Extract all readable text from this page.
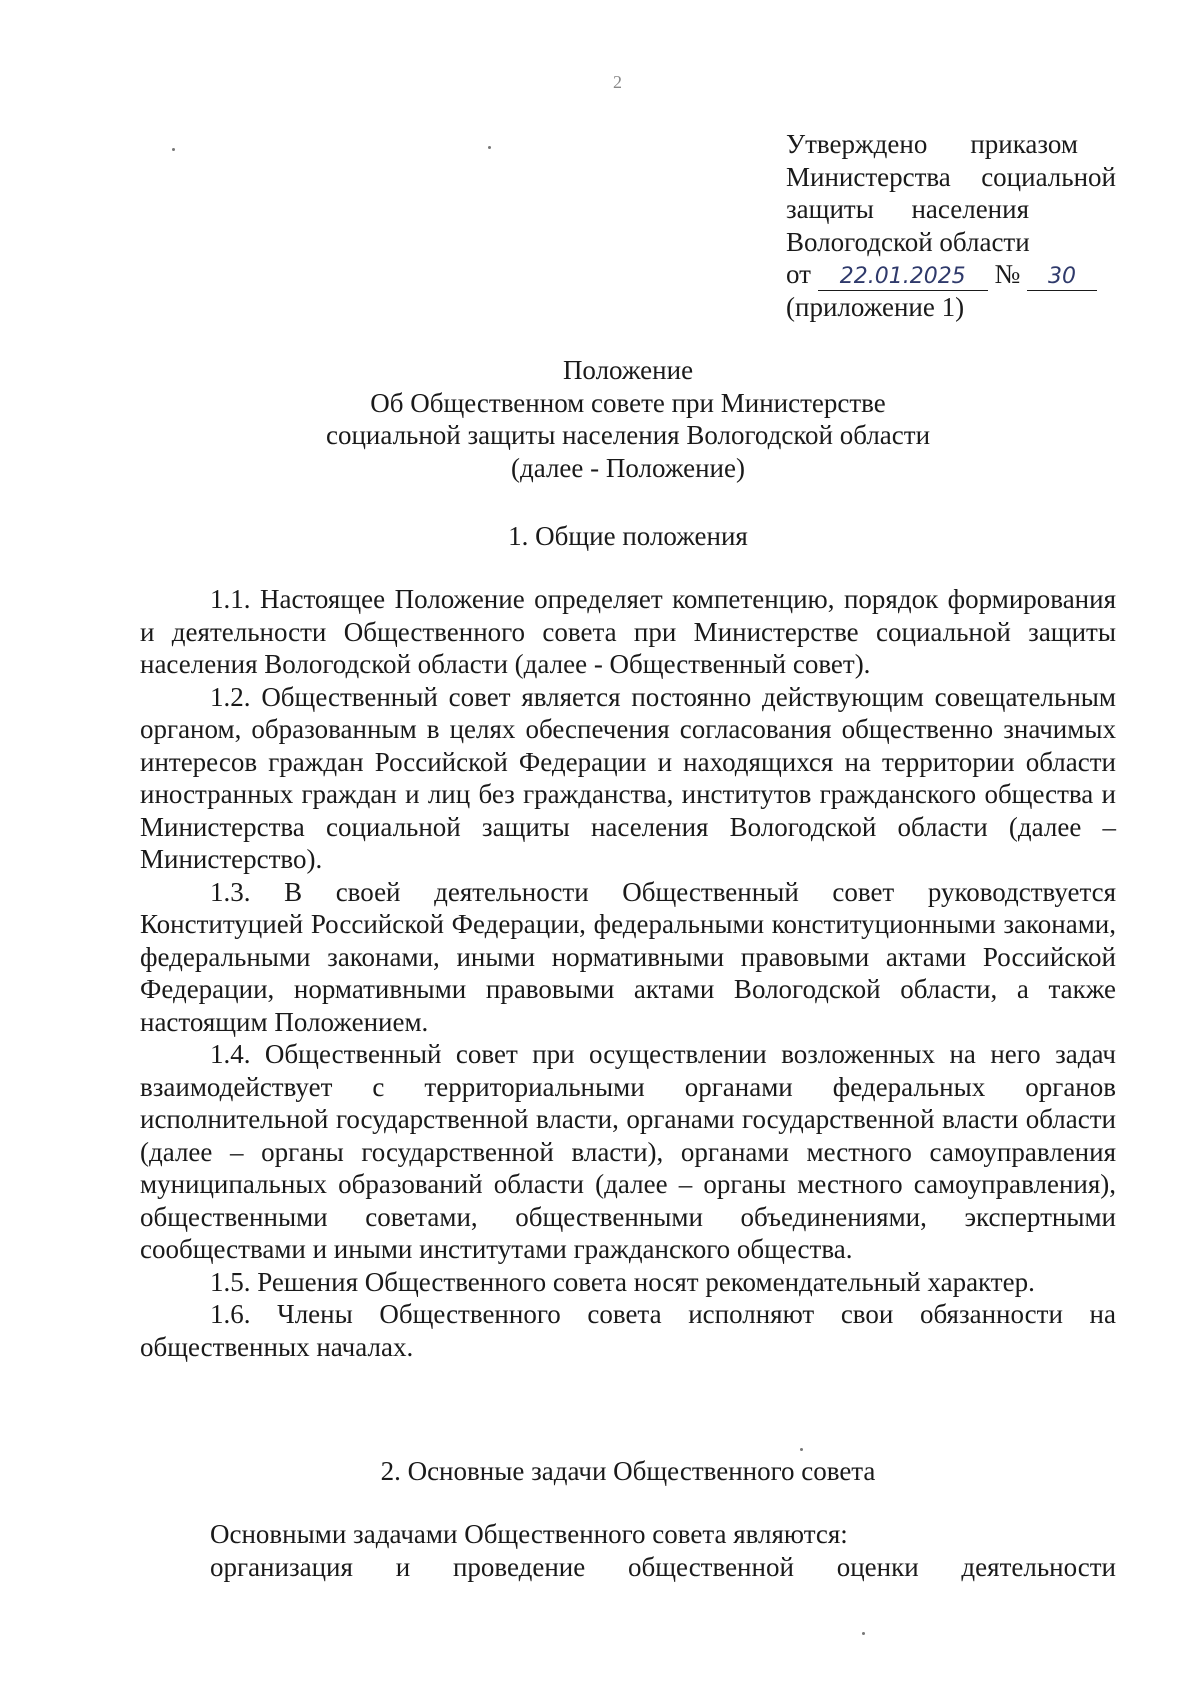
2
Утверждено приказом
Министерства социальной
защиты населения
Вологодской области
от 22.01.2025 № 30
(приложение 1)
Положение
Об Общественном совете при Министерстве
социальной защиты населения Вологодской области
(далее - Положение)
1. Общие положения

1.1. Настоящее Положение определяет компетенцию, порядок формирования и деятельности Общественного совета при Министерстве социальной защиты населения Вологодской области (далее - Общественный совет).

1.2. Общественный совет является постоянно действующим совещательным органом, образованным в целях обеспечения согласования общественно значимых интересов граждан Российской Федерации и находящихся на территории области иностранных граждан и лиц без гражданства, институтов гражданского общества и Министерства социальной защиты населения Вологодской области (далее – Министерство).

1.3. В своей деятельности Общественный совет руководствуется Конституцией Российской Федерации, федеральными конституционными законами, федеральными законами, иными нормативными правовыми актами Российской Федерации, нормативными правовыми актами Вологодской области, а также настоящим Положением.

1.4. Общественный совет при осуществлении возложенных на него задач взаимодействует с территориальными органами федеральных органов исполнительной государственной власти, органами государственной власти области (далее – органы государственной власти), органами местного самоуправления муниципальных образований области (далее – органы местного самоуправления), общественными советами, общественными объединениями, экспертными сообществами и иными институтами гражданского общества.

1.5. Решения Общественного совета носят рекомендательный характер.

1.6. Члены Общественного совета исполняют свои обязанности на общественных началах.

2. Основные задачи Общественного совета

Основными задачами Общественного совета являются:

организация и проведение общественной оценки деятельности
